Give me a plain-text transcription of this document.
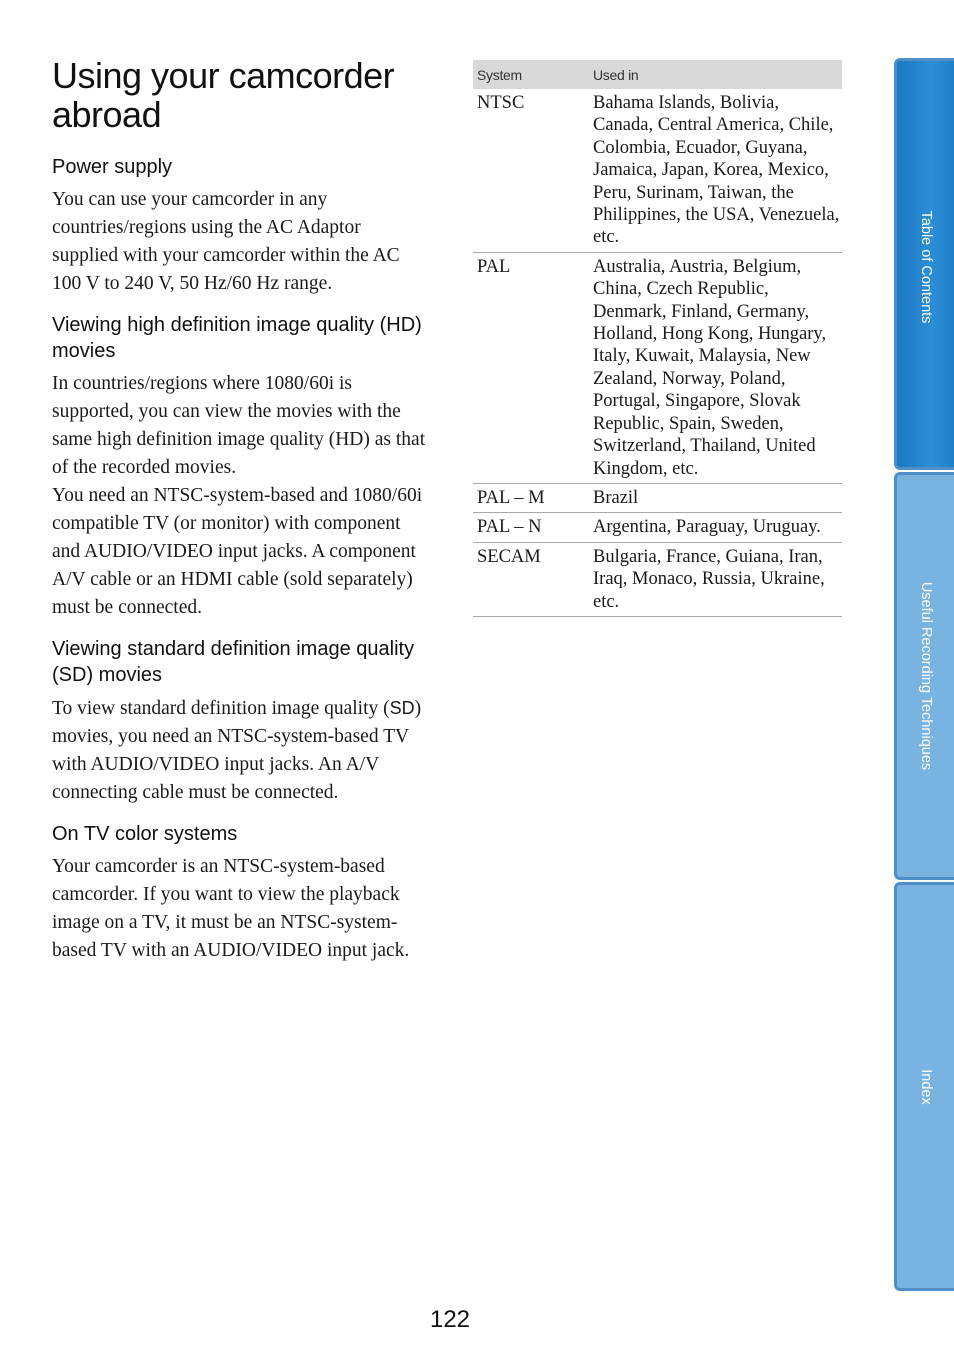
Using your camcorder abroad
Power supply

You can use your camcorder in any countries/regions using the AC Adaptor supplied with your camcorder within the AC 100 V to 240 V, 50 Hz/60 Hz range.

Viewing high definition image quality (HD) movies

In countries/regions where 1080/60i is supported, you can view the movies with the same high definition image quality (HD) as that of the recorded movies.

You need an NTSC-system-based and 1080/60i compatible TV (or monitor) with component and AUDIO/VIDEO input jacks. A component A/V cable or an HDMI cable (sold separately) must be connected.

Viewing standard definition image quality (SD) movies

To view standard definition image quality (SD) movies, you need an NTSC-system-based TV with AUDIO/VIDEO input jacks. An A/V connecting cable must be connected.

On TV color systems

Your camcorder is an NTSC-system-based camcorder. If you want to view the playback image on a TV, it must be an NTSC-system-based TV with an AUDIO/VIDEO input jack.

System	Used in
NTSC	Bahama Islands, Bolivia, Canada, Central America, Chile, Colombia, Ecuador, Guyana, Jamaica, Japan, Korea, Mexico, Peru, Surinam, Taiwan, the Philippines, the USA, Venezuela, etc.
PAL	Australia, Austria, Belgium, China, Czech Republic, Denmark, Finland, Germany, Holland, Hong Kong, Hungary, Italy, Kuwait, Malaysia, New Zealand, Norway, Poland, Portugal, Singapore, Slovak Republic, Spain, Sweden, Switzerland, Thailand, United Kingdom, etc.
PAL – M	Brazil
PAL – N	Argentina, Paraguay, Uruguay.
SECAM	Bulgaria, France, Guiana, Iran, Iraq, Monaco, Russia, Ukraine, etc.
Table of Contents
Useful Recording Techniques
Index
122
